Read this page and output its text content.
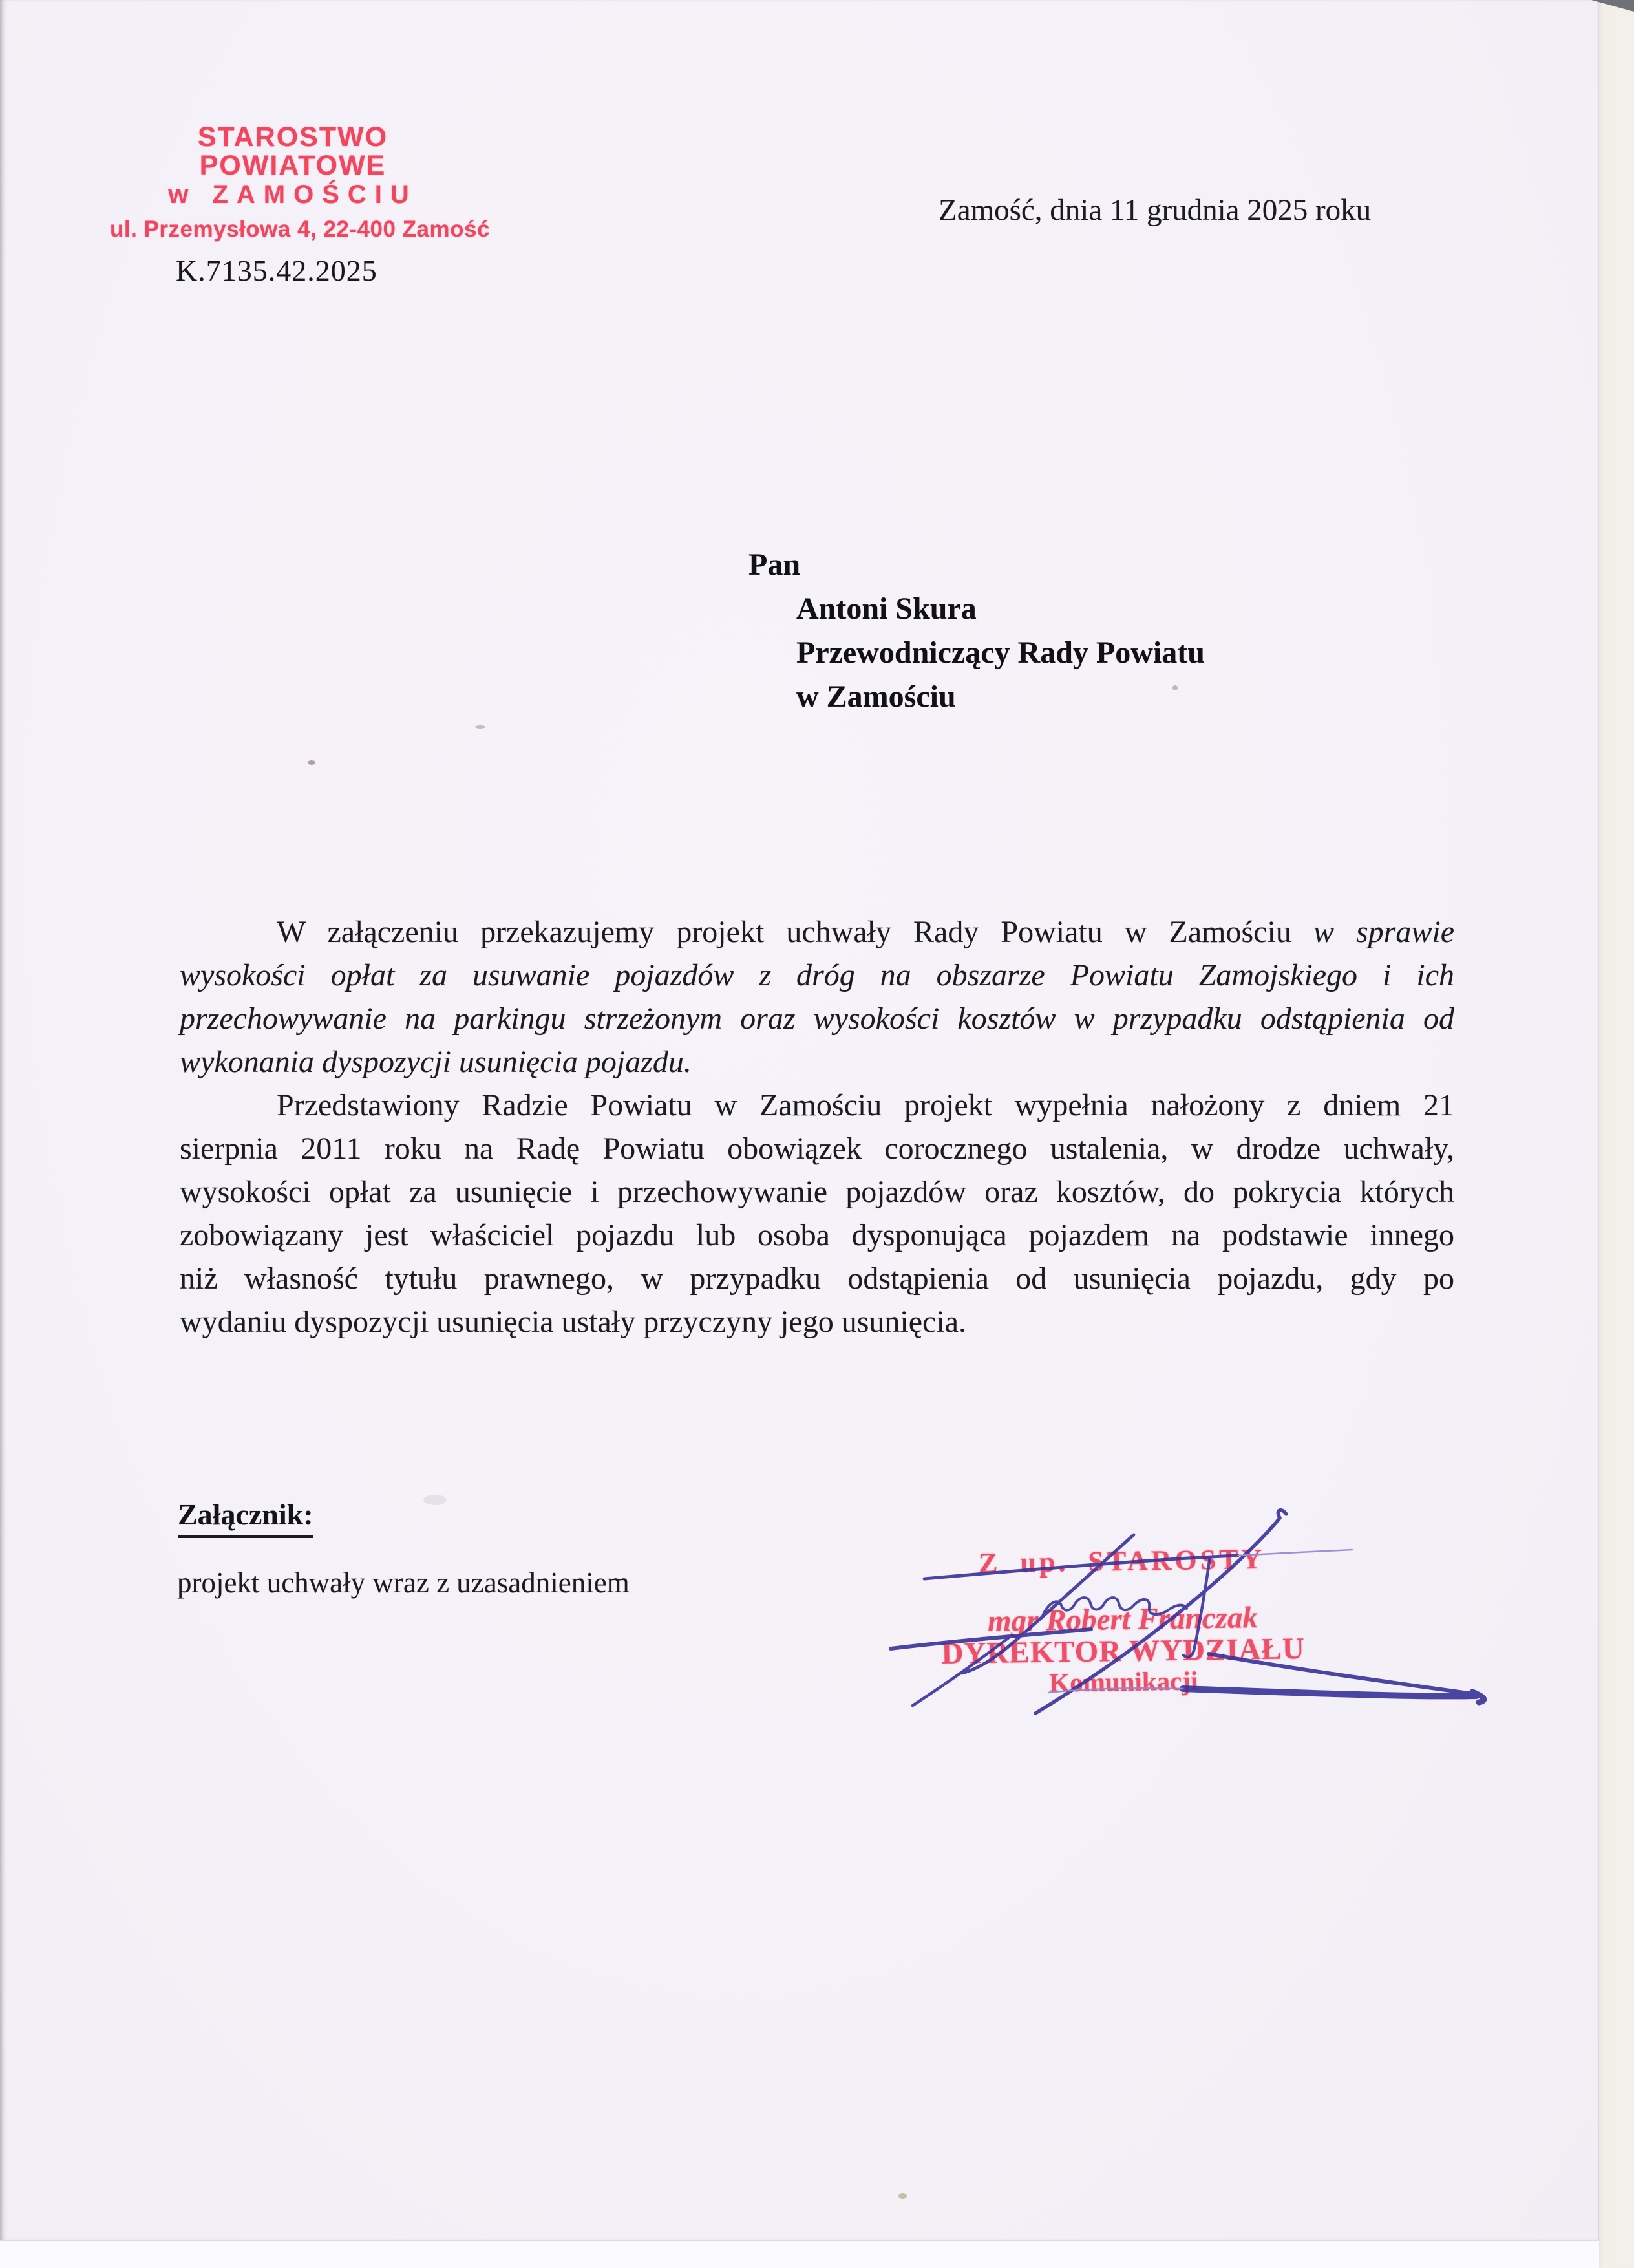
STAROSTWO POWIATOWE
w ZAMOŚCIU
ul. Przemysłowa 4, 22-400 Zamość
Zamość, dnia 11 grudnia 2025 roku
K.7135.42.2025
Pan
Antoni Skura
Przewodniczący Rady Powiatu
w Zamościu
W załączeniu przekazujemy projekt uchwały Rady Powiatu w Zamościu w sprawie
wysokości opłat za usuwanie pojazdów z dróg na obszarze Powiatu Zamojskiego i ich
przechowywanie na parkingu strzeżonym oraz wysokości kosztów w przypadku odstąpienia od
wykonania dyspozycji usunięcia pojazdu.
Przedstawiony Radzie Powiatu w Zamościu projekt wypełnia nałożony z dniem 21
sierpnia 2011 roku na Radę Powiatu obowiązek corocznego ustalenia, w drodze uchwały,
wysokości opłat za usunięcie i przechowywanie pojazdów oraz kosztów, do pokrycia których
zobowiązany jest właściciel pojazdu lub osoba dysponująca pojazdem na podstawie innego
niż własność tytułu prawnego, w przypadku odstąpienia od usunięcia pojazdu, gdy po
wydaniu dyspozycji usunięcia ustały przyczyny jego usunięcia.
Załącznik:
projekt uchwały wraz z uzasadnieniem
Z up. STAROSTY
mgr Robert Franczak
DYREKTOR WYDZIAŁU
Komunikacji
